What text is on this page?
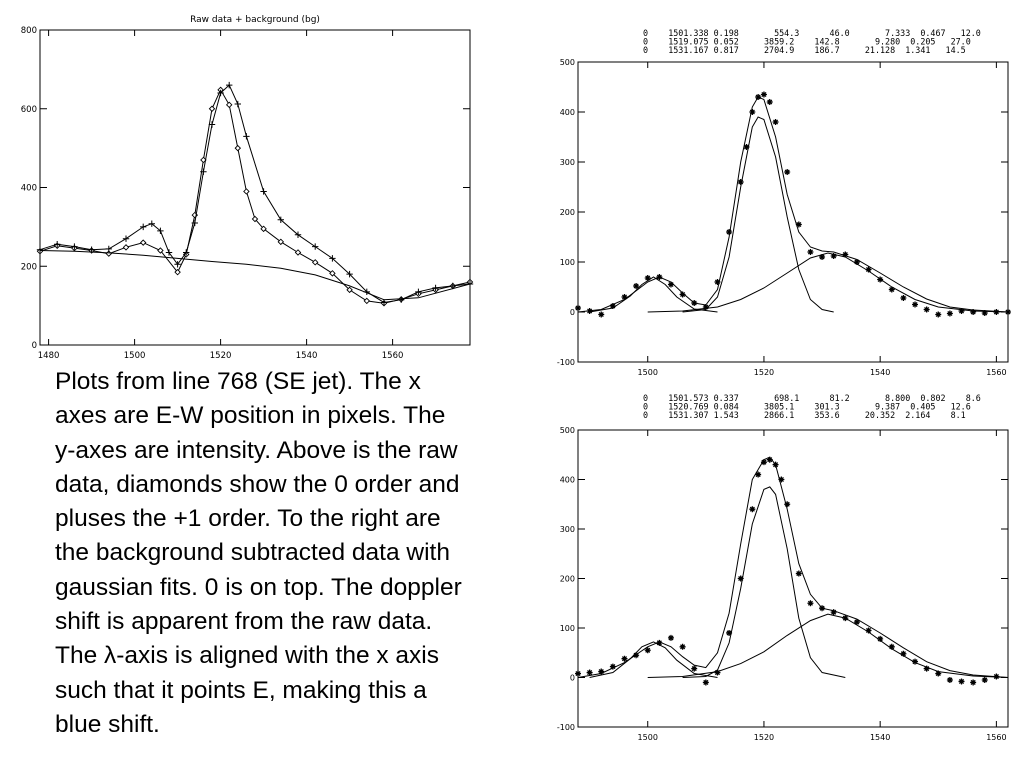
Raw data + background (bg)
1480	1500	1520	1540	1560
0
200
400
600
800	0    1501.338 0.198       554.3      46.0       7.333  0.467   12.0
0    1519.075 0.052     3859.2    142.8       9.280  0.205   27.0
0    1531.167 0.817     2704.9    186.7     21.128  1.341   14.5
1500	1520	1540	1560
-100
0
100
200
300
400
500
0    1501.573 0.337       698.1      81.2       8.800  0.802    8.6
0    1520.769 0.084     3805.1    301.3       9.387  0.405   12.6
0    1531.307 1.543     2866.1    353.6     20.352  2.164    8.1
1500	1520	1540	1560
-100
0
100
200
300
400
500
Plots from line 768 (SE jet). The x
axes are E-W position in pixels. The
y-axes are intensity. Above is the raw
data, diamonds show the 0 order and
pluses the +1 order. To the right are
the background subtracted data with
gaussian fits. 0 is on top. The doppler
shift is apparent from the raw data.
The λ-axis is aligned with the x axis
such that it points E, making this a
blue shift.
